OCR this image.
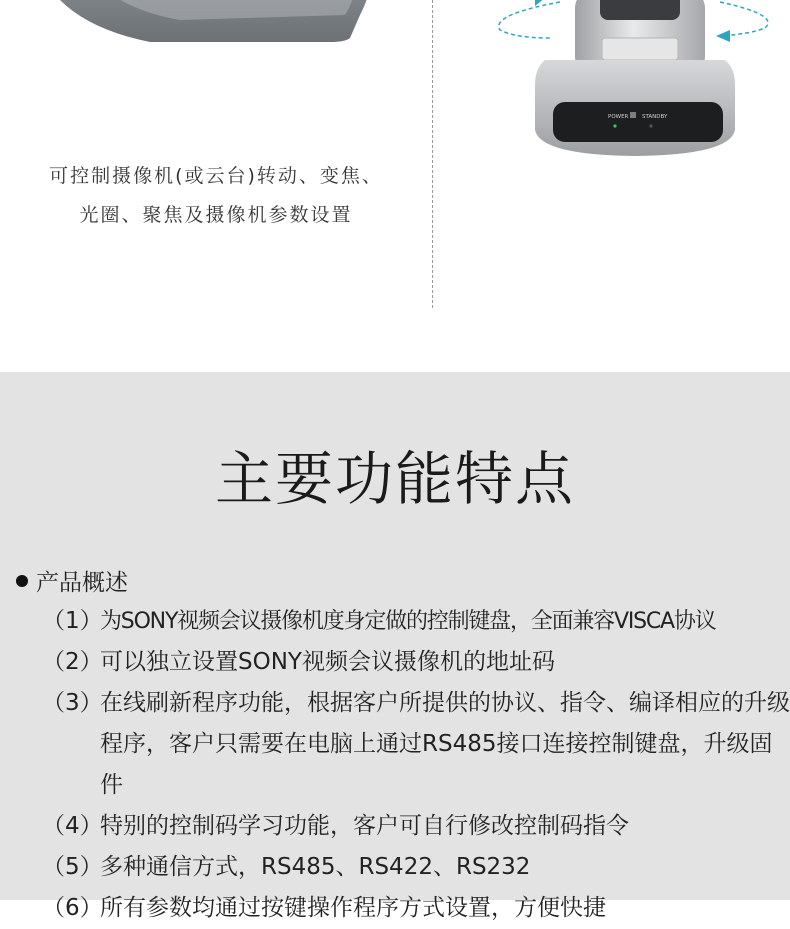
POWER STANDBY
可控制摄像机(或云台)转动、变焦、
光圈、聚焦及摄像机参数设置
主要功能特点
产品概述
（1）
为SONY视频会议摄像机度身定做的控制键盘，全面兼容VISCA协议
（2）
可以独立设置SONY视频会议摄像机的地址码
（3）
在线刷新程序功能，根据客户所提供的协议、指令、编译相应的升级程序，客户只需要在电脑上通过RS485接口连接控制键盘，升级固件
（4）
特别的控制码学习功能，客户可自行修改控制码指令
（5）
多种通信方式，RS485、RS422、RS232
（6）
所有参数均通过按键操作程序方式设置，方便快捷
